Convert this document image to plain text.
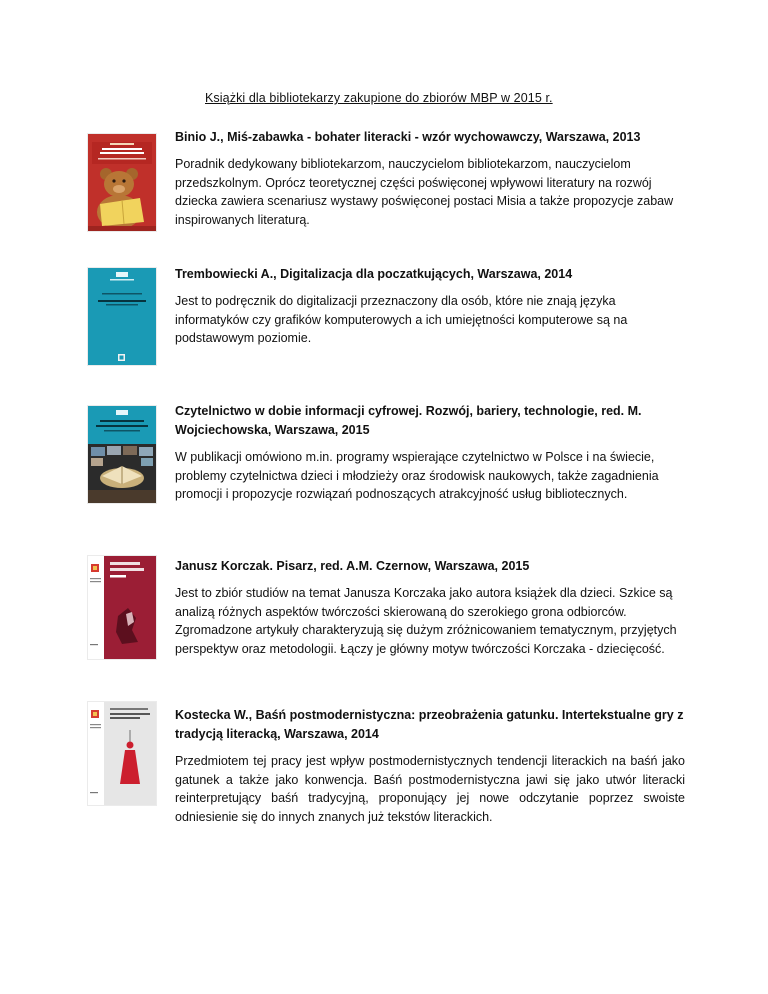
Książki dla bibliotekarzy zakupione do zbiorów MBP w 2015 r.

Binio J., Miś-zabawka - bohater literacki - wzór wychowawczy, Warszawa, 2013

Poradnik dedykowany bibliotekarzom, nauczycielom bibliotekarzom, nauczycielom przedszkolnym. Oprócz teoretycznej części poświęconej wpływowi literatury na rozwój dziecka zawiera scenariusz wystawy poświęconej postaci Misia a także propozycje zabaw inspirowanych literaturą.

Trembowiecki A., Digitalizacja dla poczatkujących, Warszawa, 2014

Jest to podręcznik do digitalizacji przeznaczony dla osób, które nie znają języka informatyków czy grafików komputerowych a ich umiejętności komputerowe są na podstawowym poziomie.

Czytelnictwo w dobie informacji cyfrowej. Rozwój, bariery, technologie, red. M. Wojciechowska, Warszawa, 2015

W publikacji omówiono m.in. programy wspierające czytelnictwo w Polsce i na świecie, problemy czytelnictwa dzieci i młodzieży oraz środowisk naukowych, także zagadnienia promocji i propozycje rozwiązań podnoszących atrakcyjność usług bibliotecznych.

Janusz Korczak. Pisarz, red. A.M. Czernow, Warszawa, 2015

Jest to zbiór studiów na temat Janusza Korczaka jako autora książek dla dzieci. Szkice są analizą różnych aspektów twórczości skierowaną do szerokiego grona odbiorców. Zgromadzone artykuły charakteryzują się dużym zróżnicowaniem tematycznym, przyjętych perspektyw oraz metodologii. Łączy je główny motyw twórczości Korczaka - dziecięcość.

Kostecka W., Baśń postmodernistyczna: przeobrażenia gatunku. Intertekstualne gry z tradycją literacką, Warszawa, 2014

Przedmiotem tej pracy jest wpływ postmodernistycznych tendencji literackich na baśń jako gatunek a także jako konwencja. Baśń postmodernistyczna jawi się jako utwór literacki reinterpretujący baśń tradycyjną, proponujący jej nowe odczytanie poprzez swoiste odniesienie się do innych znanych już tekstów literackich.
